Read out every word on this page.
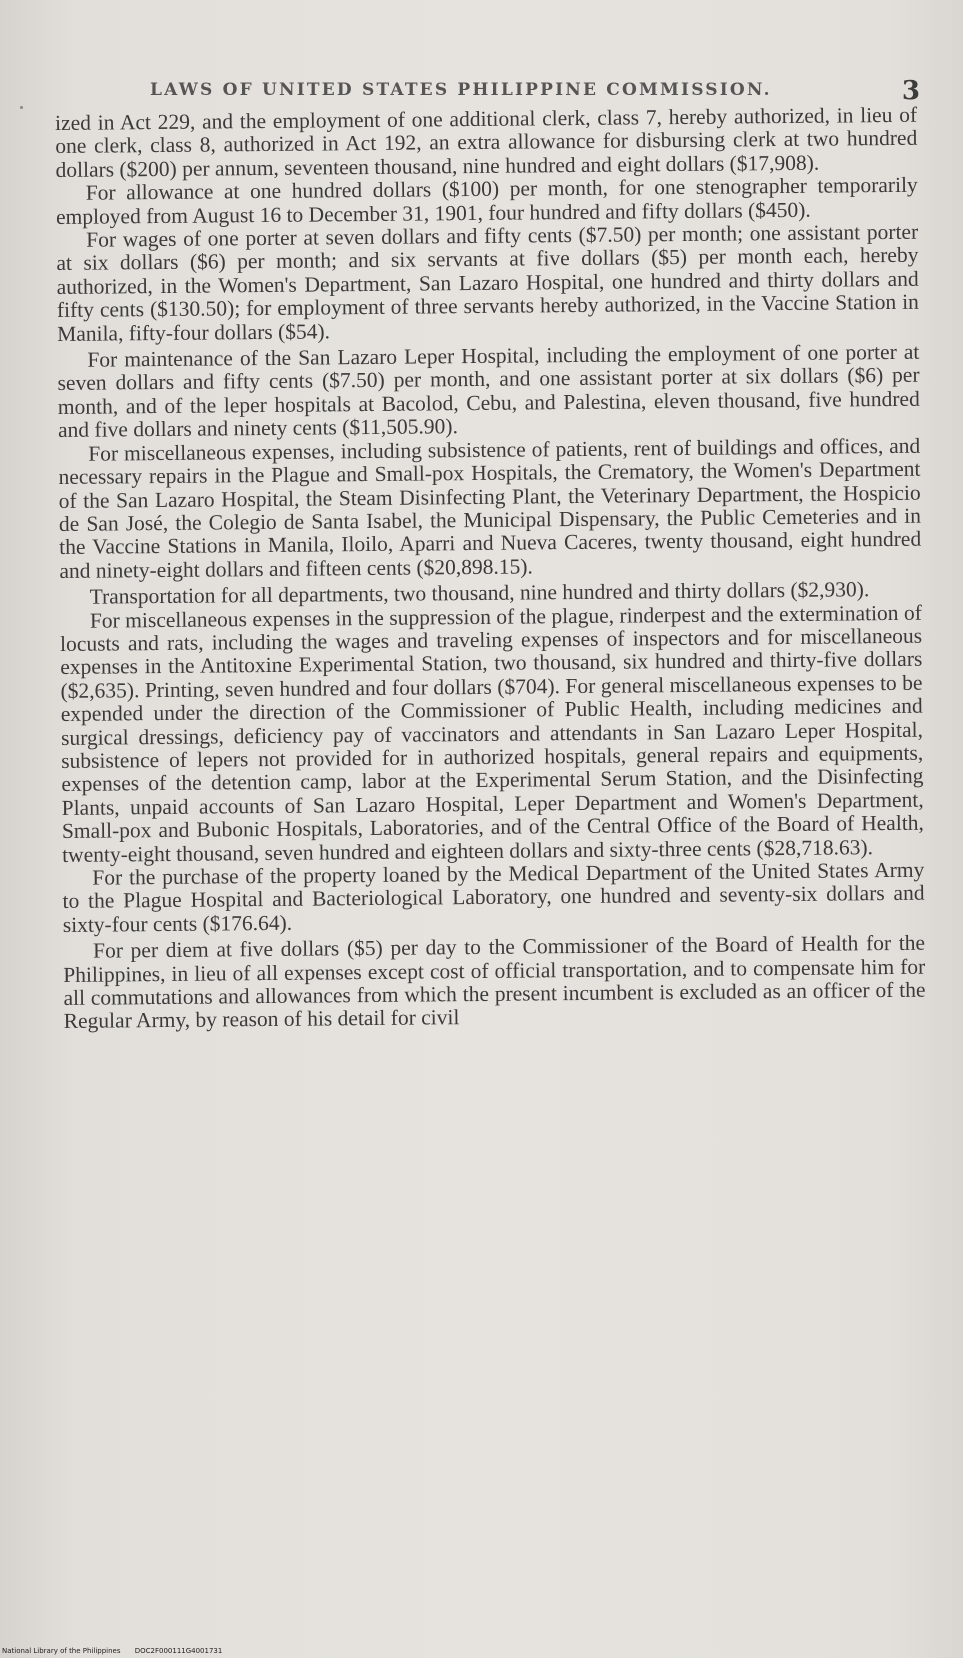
LAWS OF UNITED STATES PHILIPPINE COMMISSION.	3

ized in Act 229, and the employment of one additional clerk, class 7, hereby authorized, in lieu of one clerk, class 8, authorized in Act 192, an extra allowance for disbursing clerk at two hundred dollars ($200) per annum, seventeen thousand, nine hundred and eight dollars ($17,908).

For allowance at one hundred dollars ($100) per month, for one stenographer temporarily employed from August 16 to December 31, 1901, four hundred and fifty dollars ($450).

For wages of one porter at seven dollars and fifty cents ($7.50) per month; one assistant porter at six dollars ($6) per month; and six servants at five dollars ($5) per month each, hereby authorized, in the Women's Department, San Lazaro Hospital, one hundred and thirty dollars and fifty cents ($130.50); for employment of three servants hereby authorized, in the Vaccine Station in Manila, fifty-four dollars ($54).

For maintenance of the San Lazaro Leper Hospital, including the employment of one porter at seven dollars and fifty cents ($7.50) per month, and one assistant porter at six dollars ($6) per month, and of the leper hospitals at Bacolod, Cebu, and Palestina, eleven thousand, five hundred and five dollars and ninety cents ($11,505.90).

For miscellaneous expenses, including subsistence of patients, rent of buildings and offices, and necessary repairs in the Plague and Small-pox Hospitals, the Crematory, the Women's Department of the San Lazaro Hospital, the Steam Disinfecting Plant, the Veterinary Department, the Hospicio de San José, the Colegio de Santa Isabel, the Municipal Dispensary, the Public Cemeteries and in the Vaccine Stations in Manila, Iloilo, Aparri and Nueva Caceres, twenty thousand, eight hundred and ninety-eight dollars and fifteen cents ($20,898.15).

Transportation for all departments, two thousand, nine hundred and thirty dollars ($2,930).

For miscellaneous expenses in the suppression of the plague, rinderpest and the extermination of locusts and rats, including the wages and traveling expenses of inspectors and for miscellaneous expenses in the Antitoxine Experimental Station, two thousand, six hundred and thirty-five dollars ($2,635). Printing, seven hundred and four dollars ($704). For general miscellaneous expenses to be expended under the direction of the Commissioner of Public Health, including medicines and surgical dressings, deficiency pay of vaccinators and attendants in San Lazaro Leper Hospital, subsistence of lepers not provided for in authorized hospitals, general repairs and equipments, expenses of the detention camp, labor at the Experimental Serum Station, and the Disinfecting Plants, unpaid accounts of San Lazaro Hospital, Leper Department and Women's Department, Small-pox and Bubonic Hospitals, Laboratories, and of the Central Office of the Board of Health, twenty-eight thousand, seven hundred and eighteen dollars and sixty-three cents ($28,718.63).

For the purchase of the property loaned by the Medical Department of the United States Army to the Plague Hospital and Bacteriological Laboratory, one hundred and seventy-six dollars and sixty-four cents ($176.64).

For per diem at five dollars ($5) per day to the Commissioner of the Board of Health for the Philippines, in lieu of all expenses except cost of official transportation, and to compensate him for all commutations and allowances from which the present incumbent is excluded as an officer of the Regular Army, by reason of his detail for civil

National Library of the Philippines DOC2F000111G4001731
